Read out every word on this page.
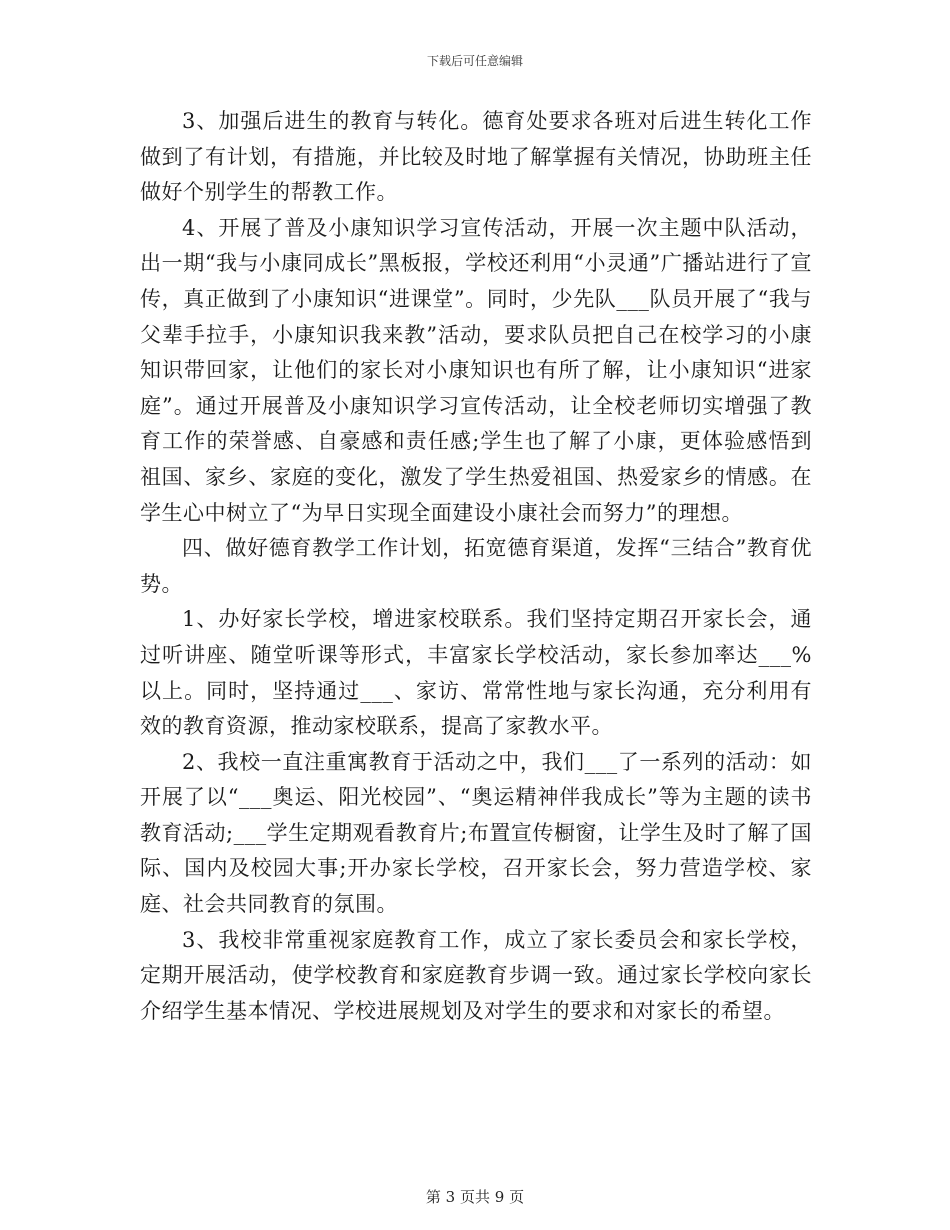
下载后可任意编辑

3、加强后进生的教育与转化。德育处要求各班对后进生转化工作做到了有计划，有措施，并比较及时地了解掌握有关情况，协助班主任做好个别学生的帮教工作。

4、开展了普及小康知识学习宣传活动，开展一次主题中队活动，出一期“我与小康同成长”黑板报，学校还利用“小灵通”广播站进行了宣传，真正做到了小康知识“进课堂”。同时，少先队___队员开展了“我与父辈手拉手，小康知识我来教”活动，要求队员把自己在校学习的小康知识带回家，让他们的家长对小康知识也有所了解，让小康知识“进家庭”。通过开展普及小康知识学习宣传活动，让全校老师切实增强了教育工作的荣誉感、自豪感和责任感;学生也了解了小康，更体验感悟到祖国、家乡、家庭的变化，激发了学生热爱祖国、热爱家乡的情感。在学生心中树立了“为早日实现全面建设小康社会而努力”的理想。

四、做好德育教学工作计划，拓宽德育渠道，发挥“三结合”教育优势。

1、办好家长学校，增进家校联系。我们坚持定期召开家长会，通过听讲座、随堂听课等形式，丰富家长学校活动，家长参加率达___%以上。同时，坚持通过___、家访、常常性地与家长沟通，充分利用有效的教育资源，推动家校联系，提高了家教水平。

2、我校一直注重寓教育于活动之中，我们___了一系列的活动：如开展了以“___奥运、阳光校园”、“奥运精神伴我成长”等为主题的读书教育活动;___学生定期观看教育片;布置宣传橱窗，让学生及时了解了国际、国内及校园大事;开办家长学校，召开家长会，努力营造学校、家庭、社会共同教育的氛围。

3、我校非常重视家庭教育工作，成立了家长委员会和家长学校，定期开展活动，使学校教育和家庭教育步调一致。通过家长学校向家长介绍学生基本情况、学校进展规划及对学生的要求和对家长的希望。

第 3 页共 9 页
